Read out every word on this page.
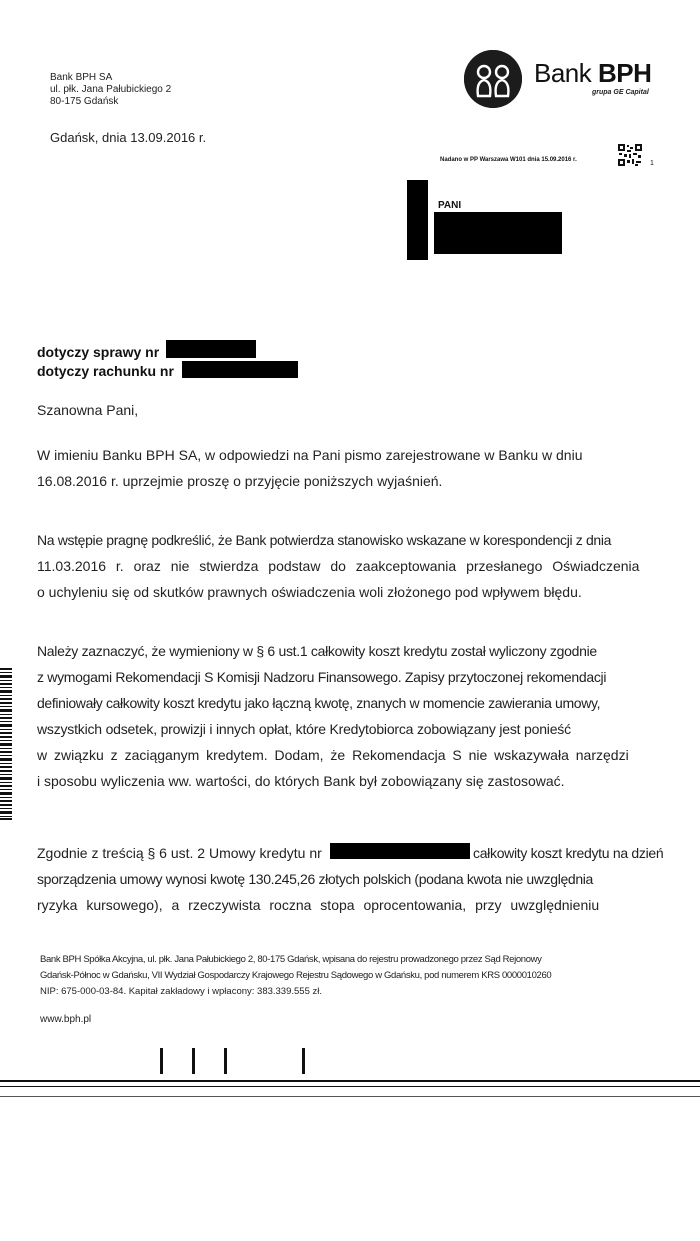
Bank BPH SA
ul. płk. Jana Pałubickiego 2
80-175 Gdańsk
Bank BPH
grupa GE Capital
Gdańsk, dnia 13.09.2016 r.
Nadano w PP Warszawa W101 dnia 15.09.2016 r.	1
PANI
dotyczy sprawy nr
dotyczy rachunku nr
Szanowna Pani,
W imieniu Banku BPH SA, w odpowiedzi na Pani pismo zarejestrowane w Banku w dniu
16.08.2016 r. uprzejmie proszę o przyjęcie poniższych wyjaśnień.
Na wstępie pragnę podkreślić, że Bank potwierdza stanowisko wskazane w korespondencji z dnia
11.03.2016 r. oraz nie stwierdza podstaw do zaakceptowania przesłanego Oświadczenia
o uchyleniu się od skutków prawnych oświadczenia woli złożonego pod wpływem błędu.
Należy zaznaczyć, że wymieniony w § 6 ust.1 całkowity koszt kredytu został wyliczony zgodnie
z wymogami Rekomendacji S Komisji Nadzoru Finansowego. Zapisy przytoczonej rekomendacji
definiowały całkowity koszt kredytu jako łączną kwotę, znanych w momencie zawierania umowy,
wszystkich odsetek, prowizji i innych opłat, które Kredytobiorca zobowiązany jest ponieść
w związku z zaciąganym kredytem. Dodam, że Rekomendacja S nie wskazywała narzędzi
i sposobu wyliczenia ww. wartości, do których Bank był zobowiązany się zastosować.
Zgodnie z treścią § 6 ust. 2 Umowy kredytu nr	całkowity koszt kredytu na dzień
sporządzenia umowy wynosi kwotę 130.245,26 złotych polskich (podana kwota nie uwzględnia
ryzyka kursowego), a rzeczywista roczna stopa oprocentowania, przy uwzględnieniu
Bank BPH Spółka Akcyjna, ul. płk. Jana Pałubickiego 2, 80-175 Gdańsk, wpisana do rejestru prowadzonego przez Sąd Rejonowy
Gdańsk-Północ w Gdańsku, VII Wydział Gospodarczy Krajowego Rejestru Sądowego w Gdańsku, pod numerem KRS 0000010260
NIP: 675-000-03-84. Kapitał zakładowy i wpłacony: 383.339.555 zł.
www.bph.pl
